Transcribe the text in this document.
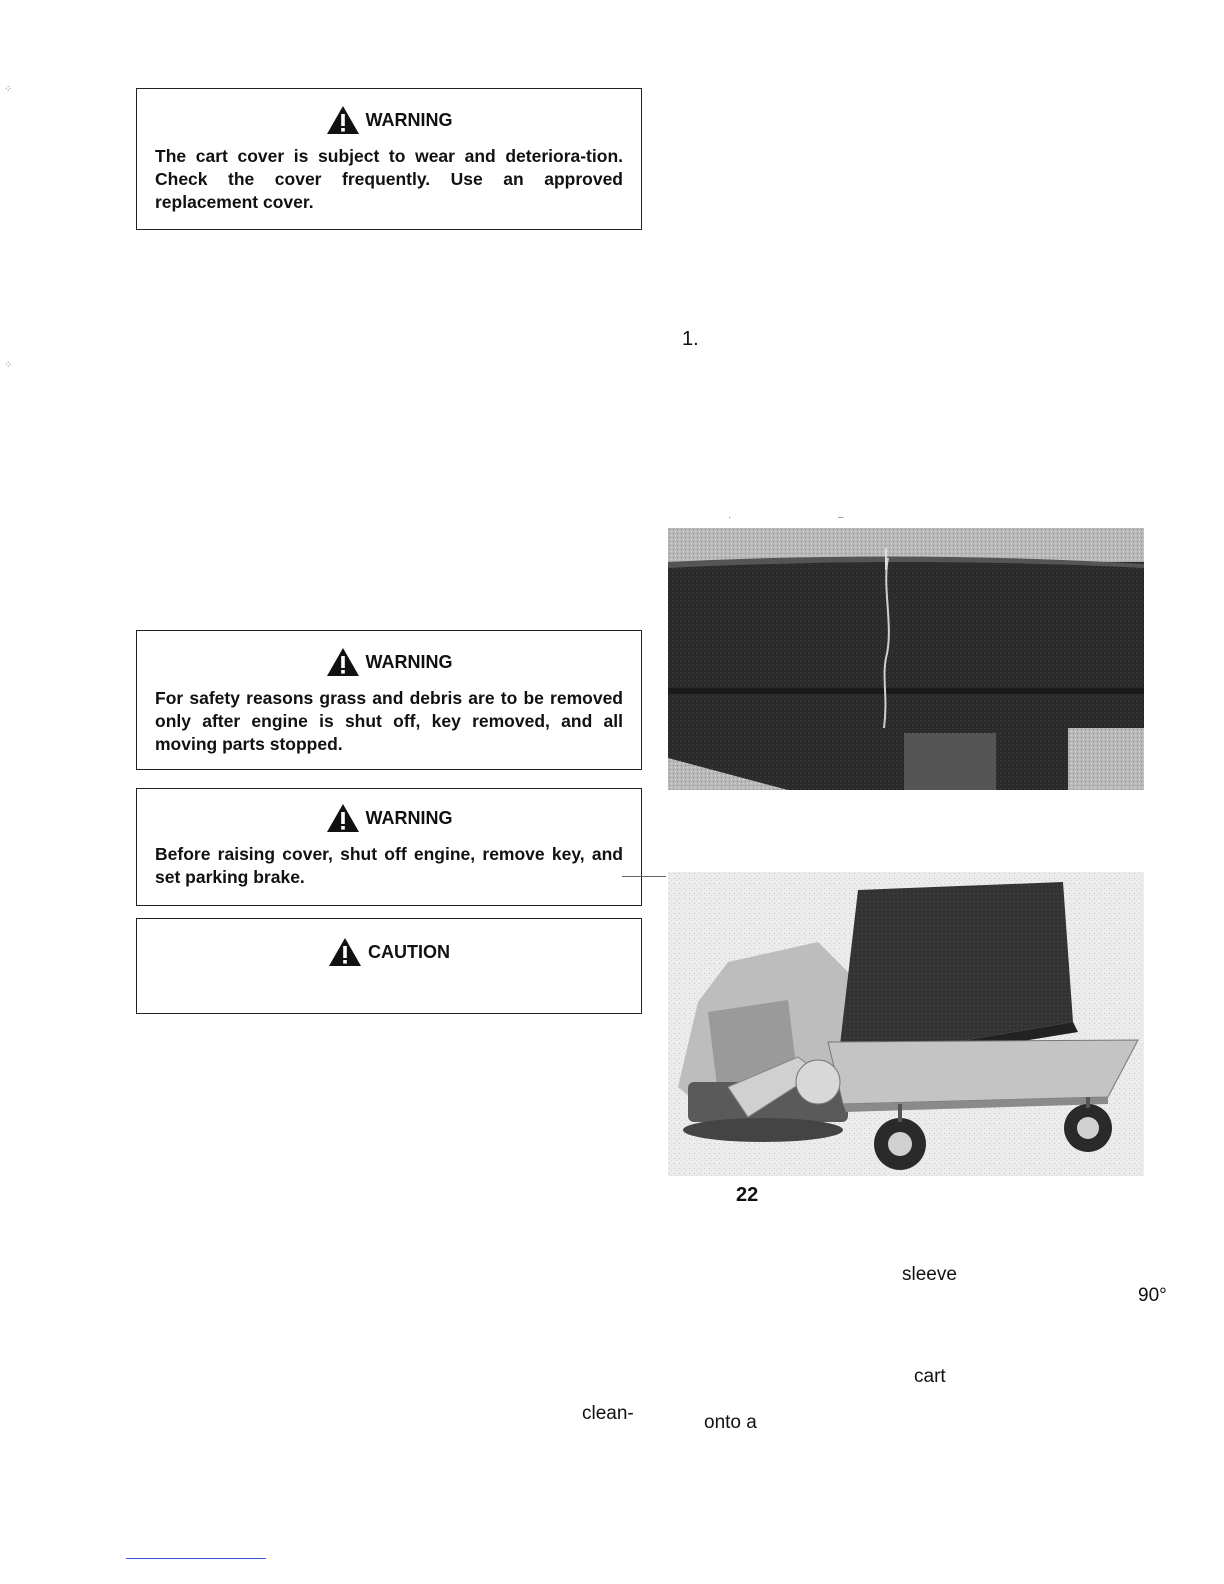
WARNING
The cart cover is subject to wear and deteriora-tion. Check the cover frequently. Use an approved replacement cover.
1.
WARNING
For safety reasons grass and debris are to be removed only after engine is shut off, key removed, and all moving parts stopped.
WARNING
Before raising cover, shut off engine, remove key, and set parking brake.
CAUTION
22
sleeve
90°
cart
clean-	onto a
⁘
⁘
·	–
